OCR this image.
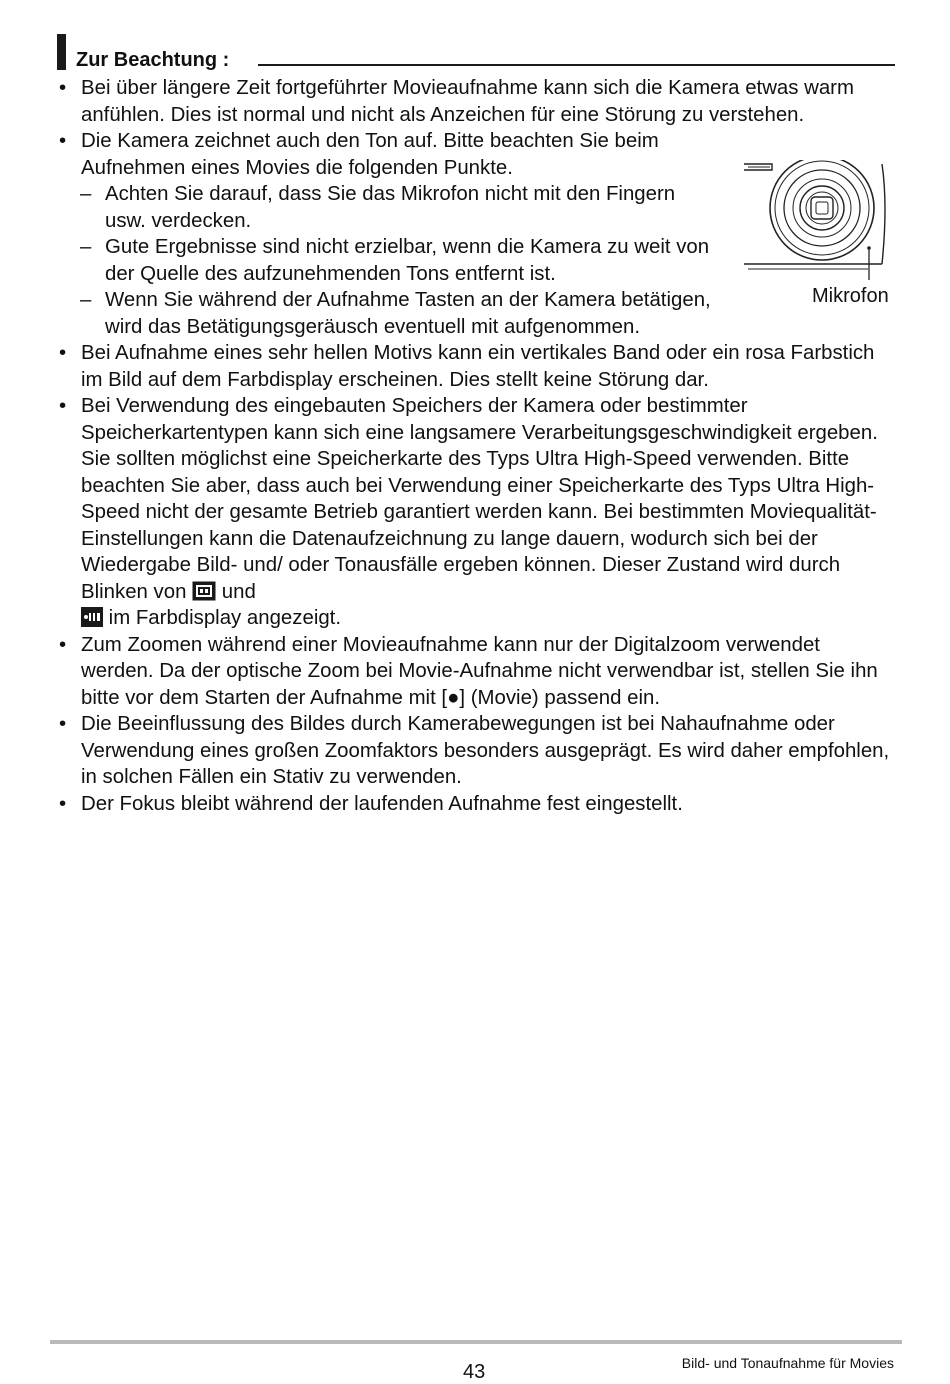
Zur Beachtung :
• Bei über längere Zeit fortgeführter Movieaufnahme kann sich die Kamera etwas warm anfühlen. Dies ist normal und nicht als Anzeichen für eine Störung zu verstehen.
• Die Kamera zeichnet auch den Ton auf. Bitte beachten Sie beim Aufnehmen eines Movies die folgenden Punkte.
– Achten Sie darauf, dass Sie das Mikrofon nicht mit den Fingern usw. verdecken.
– Gute Ergebnisse sind nicht erzielbar, wenn die Kamera zu weit von der Quelle des aufzunehmenden Tons entfernt ist.
– Wenn Sie während der Aufnahme Tasten an der Kamera betätigen, wird das Betätigungsgeräusch eventuell mit aufgenommen.
• Bei Aufnahme eines sehr hellen Motivs kann ein vertikales Band oder ein rosa Farbstich im Bild auf dem Farbdisplay erscheinen. Dies stellt keine Störung dar.
• Bei Verwendung des eingebauten Speichers der Kamera oder bestimmter Speicherkartentypen kann sich eine langsamere Verarbeitungsgeschwindigkeit ergeben. Sie sollten möglichst eine Speicherkarte des Typs Ultra High-Speed verwenden. Bitte beachten Sie aber, dass auch bei Verwendung einer Speicherkarte des Typs Ultra High-Speed nicht der gesamte Betrieb garantiert werden kann. Bei bestimmten Moviequalität-Einstellungen kann die Datenaufzeichnung zu lange dauern, wodurch sich bei der Wiedergabe Bild- und/ oder Tonausfälle ergeben können. Dieser Zustand wird durch Blinken von und
im Farbdisplay angezeigt.
• Zum Zoomen während einer Movieaufnahme kann nur der Digitalzoom verwendet werden. Da der optische Zoom bei Movie-Aufnahme nicht verwendbar ist, stellen Sie ihn bitte vor dem Starten der Aufnahme mit [●] (Movie) passend ein.
• Die Beeinflussung des Bildes durch Kamerabewegungen ist bei Nahaufnahme oder Verwendung eines großen Zoomfaktors besonders ausgeprägt. Es wird daher empfohlen, in solchen Fällen ein Stativ zu verwenden.
• Der Fokus bleibt während der laufenden Aufnahme fest eingestellt.
Mikrofon
43	Bild- und Tonaufnahme für Movies
